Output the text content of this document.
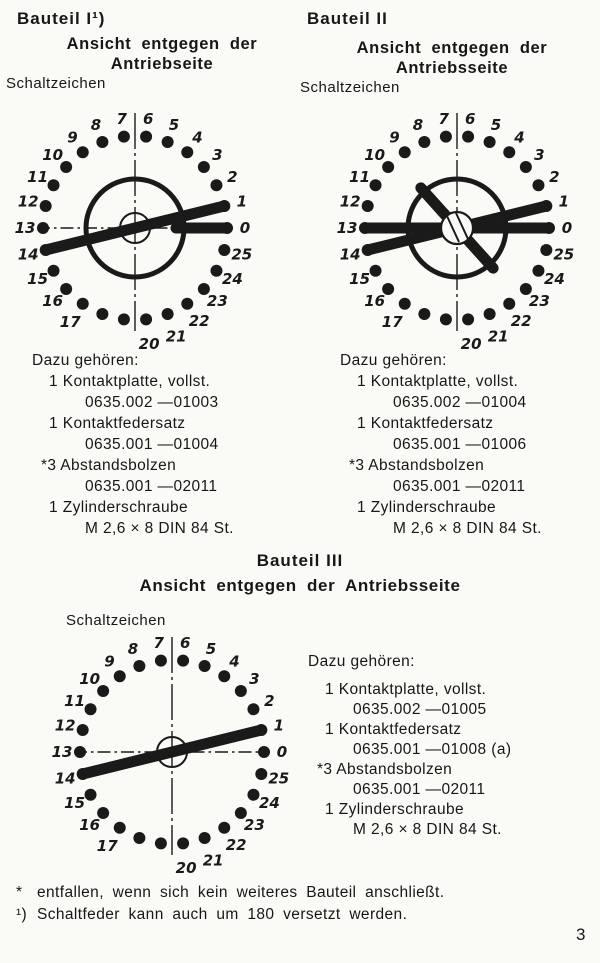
Bauteil I¹)
Ansicht entgegen der
Antriebseite
Schaltzeichen
0
1
2
3
4
5
6
7
8
9
10
11
12
13
14
15
16
17
20 21
22
23
24
25
Dazu gehören:
1 Kontaktplatte, vollst.
0635.002 —01003
1 Kontaktfedersatz
0635.001 —01004
*3 Abstandsbolzen
0635.001 —02011
1 Zylinderschraube
M 2,6 × 8 DIN 84 St.
Bauteil II
Ansicht entgegen der
Antriebsseite
Schaltzeichen
0
1
2
3
4
5
6
7
8
9
10
11
12
13
14
15
16
17
20 21
22
23
24
25
Dazu gehören:
1 Kontaktplatte, vollst.
0635.002 —01004
1 Kontaktfedersatz
0635.001 —01006
*3 Abstandsbolzen
0635.001 —02011
1 Zylinderschraube
M 2,6 × 8 DIN 84 St.
Bauteil III
Ansicht entgegen der Antriebsseite
Schaltzeichen
0
1
2
3
4
5
6
7
8
9
10
11
12
13
14
15
16
17
20 21
22
23
24
25
Dazu gehören:
1 Kontaktplatte, vollst.
0635.002 —01005
1 Kontaktfedersatz
0635.001 —01008 (a)
*3 Abstandsbolzen
0635.001 —02011
1 Zylinderschraube
M 2,6 × 8 DIN 84 St.
* entfallen, wenn sich kein weiteres Bauteil anschließt.
¹) Schaltfeder kann auch um 180 versetzt werden.
3
